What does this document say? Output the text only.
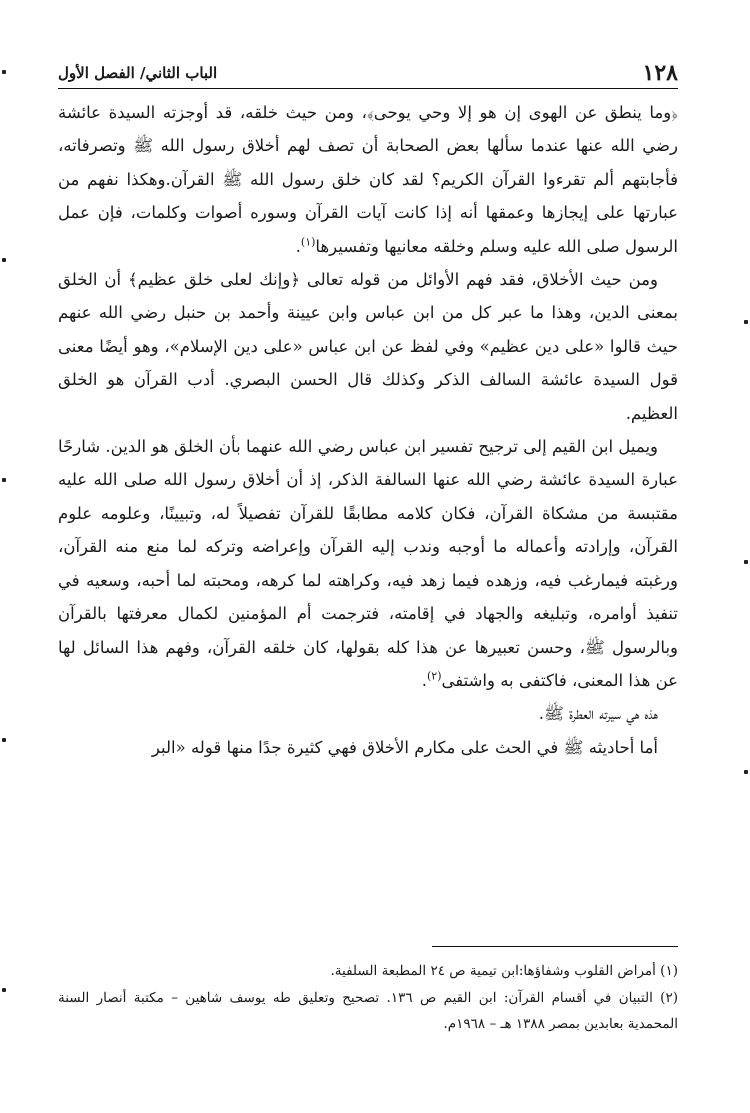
١٢٨
الباب الثاني/ الفصل الأول

﴿وما ينطق عن الهوى إن هو إلا وحي يوحى﴾، ومن حيث خلقه، قد أوجزته السيدة عائشة رضي الله عنها عندما سألها بعض الصحابة أن تصف لهم أخلاق رسول الله ﷺ وتصرفاته، فأجابتهم ألم تقرءوا القرآن الكريم؟ لقد كان خلق رسول الله ﷺ القرآن.وهكذا نفهم من عبارتها على إيجازها وعمقها أنه إذا كانت آيات القرآن وسوره أصوات وكلمات، فإن عمل الرسول صلى الله عليه وسلم وخلقه معانيها وتفسيرها$^{(١)}$.

ومن حيث الأخلاق، فقد فهم الأوائل من قوله تعالى ﴿وإنك لعلى خلق عظيم﴾ أن الخلق بمعنى الدين، وهذا ما عبر كل من ابن عباس وابن عيينة وأحمد بن حنبل رضي الله عنهم حيث قالوا «على دين عظيم» وفي لفظ عن ابن عباس «على دين الإسلام»، وهو أيضًا معنى قول السيدة عائشة السالف الذكر وكذلك قال الحسن البصري. أدب القرآن هو الخلق العظيم.

ويميل ابن القيم إلى ترجيح تفسير ابن عباس رضي الله عنهما بأن الخلق هو الدين. شارحًا عبارة السيدة عائشة رضي الله عنها السالفة الذكر، إذ أن أخلاق رسول الله صلى الله عليه مقتبسة من مشكاة القرآن، فكان كلامه مطابقًا للقرآن تفصيلاً له، وتبيينًا، وعلومه علوم القرآن، وإرادته وأعماله ما أوجبه وندب إليه القرآن وإعراضه وتركه لما منع منه القرآن، ورغبته فيمارغب فيه، وزهده فيما زهد فيه، وكراهته لما كرهه، ومحبته لما أحبه، وسعيه في تنفيذ أوامره، وتبليغه والجهاد في إقامته، فترجمت أم المؤمنين لكمال معرفتها بالقرآن وبالرسول ﷺ، وحسن تعبيرها عن هذا كله بقولها، كان خلقه القرآن، وفهم هذا السائل لها عن هذا المعنى، فاكتفى به واشتفى$^{(٢)}$.

هذه هي سيرته العطرة ﷺ.

أما أحاديثه ﷺ في الحث على مكارم الأخلاق فهي كثيرة جدًا منها قوله «البر

(١) أمراض القلوب وشفاؤها:ابن تيمية ص ٢٤ المطبعة السلفية.

(٢) التبيان في أقسام القرآن: ابن القيم ص ١٣٦. تصحيح وتعليق طه يوسف شاهين – مكتبة أنصار السنة المحمدية بعابدين بمصر ١٣٨٨ هـ – ١٩٦٨م.
